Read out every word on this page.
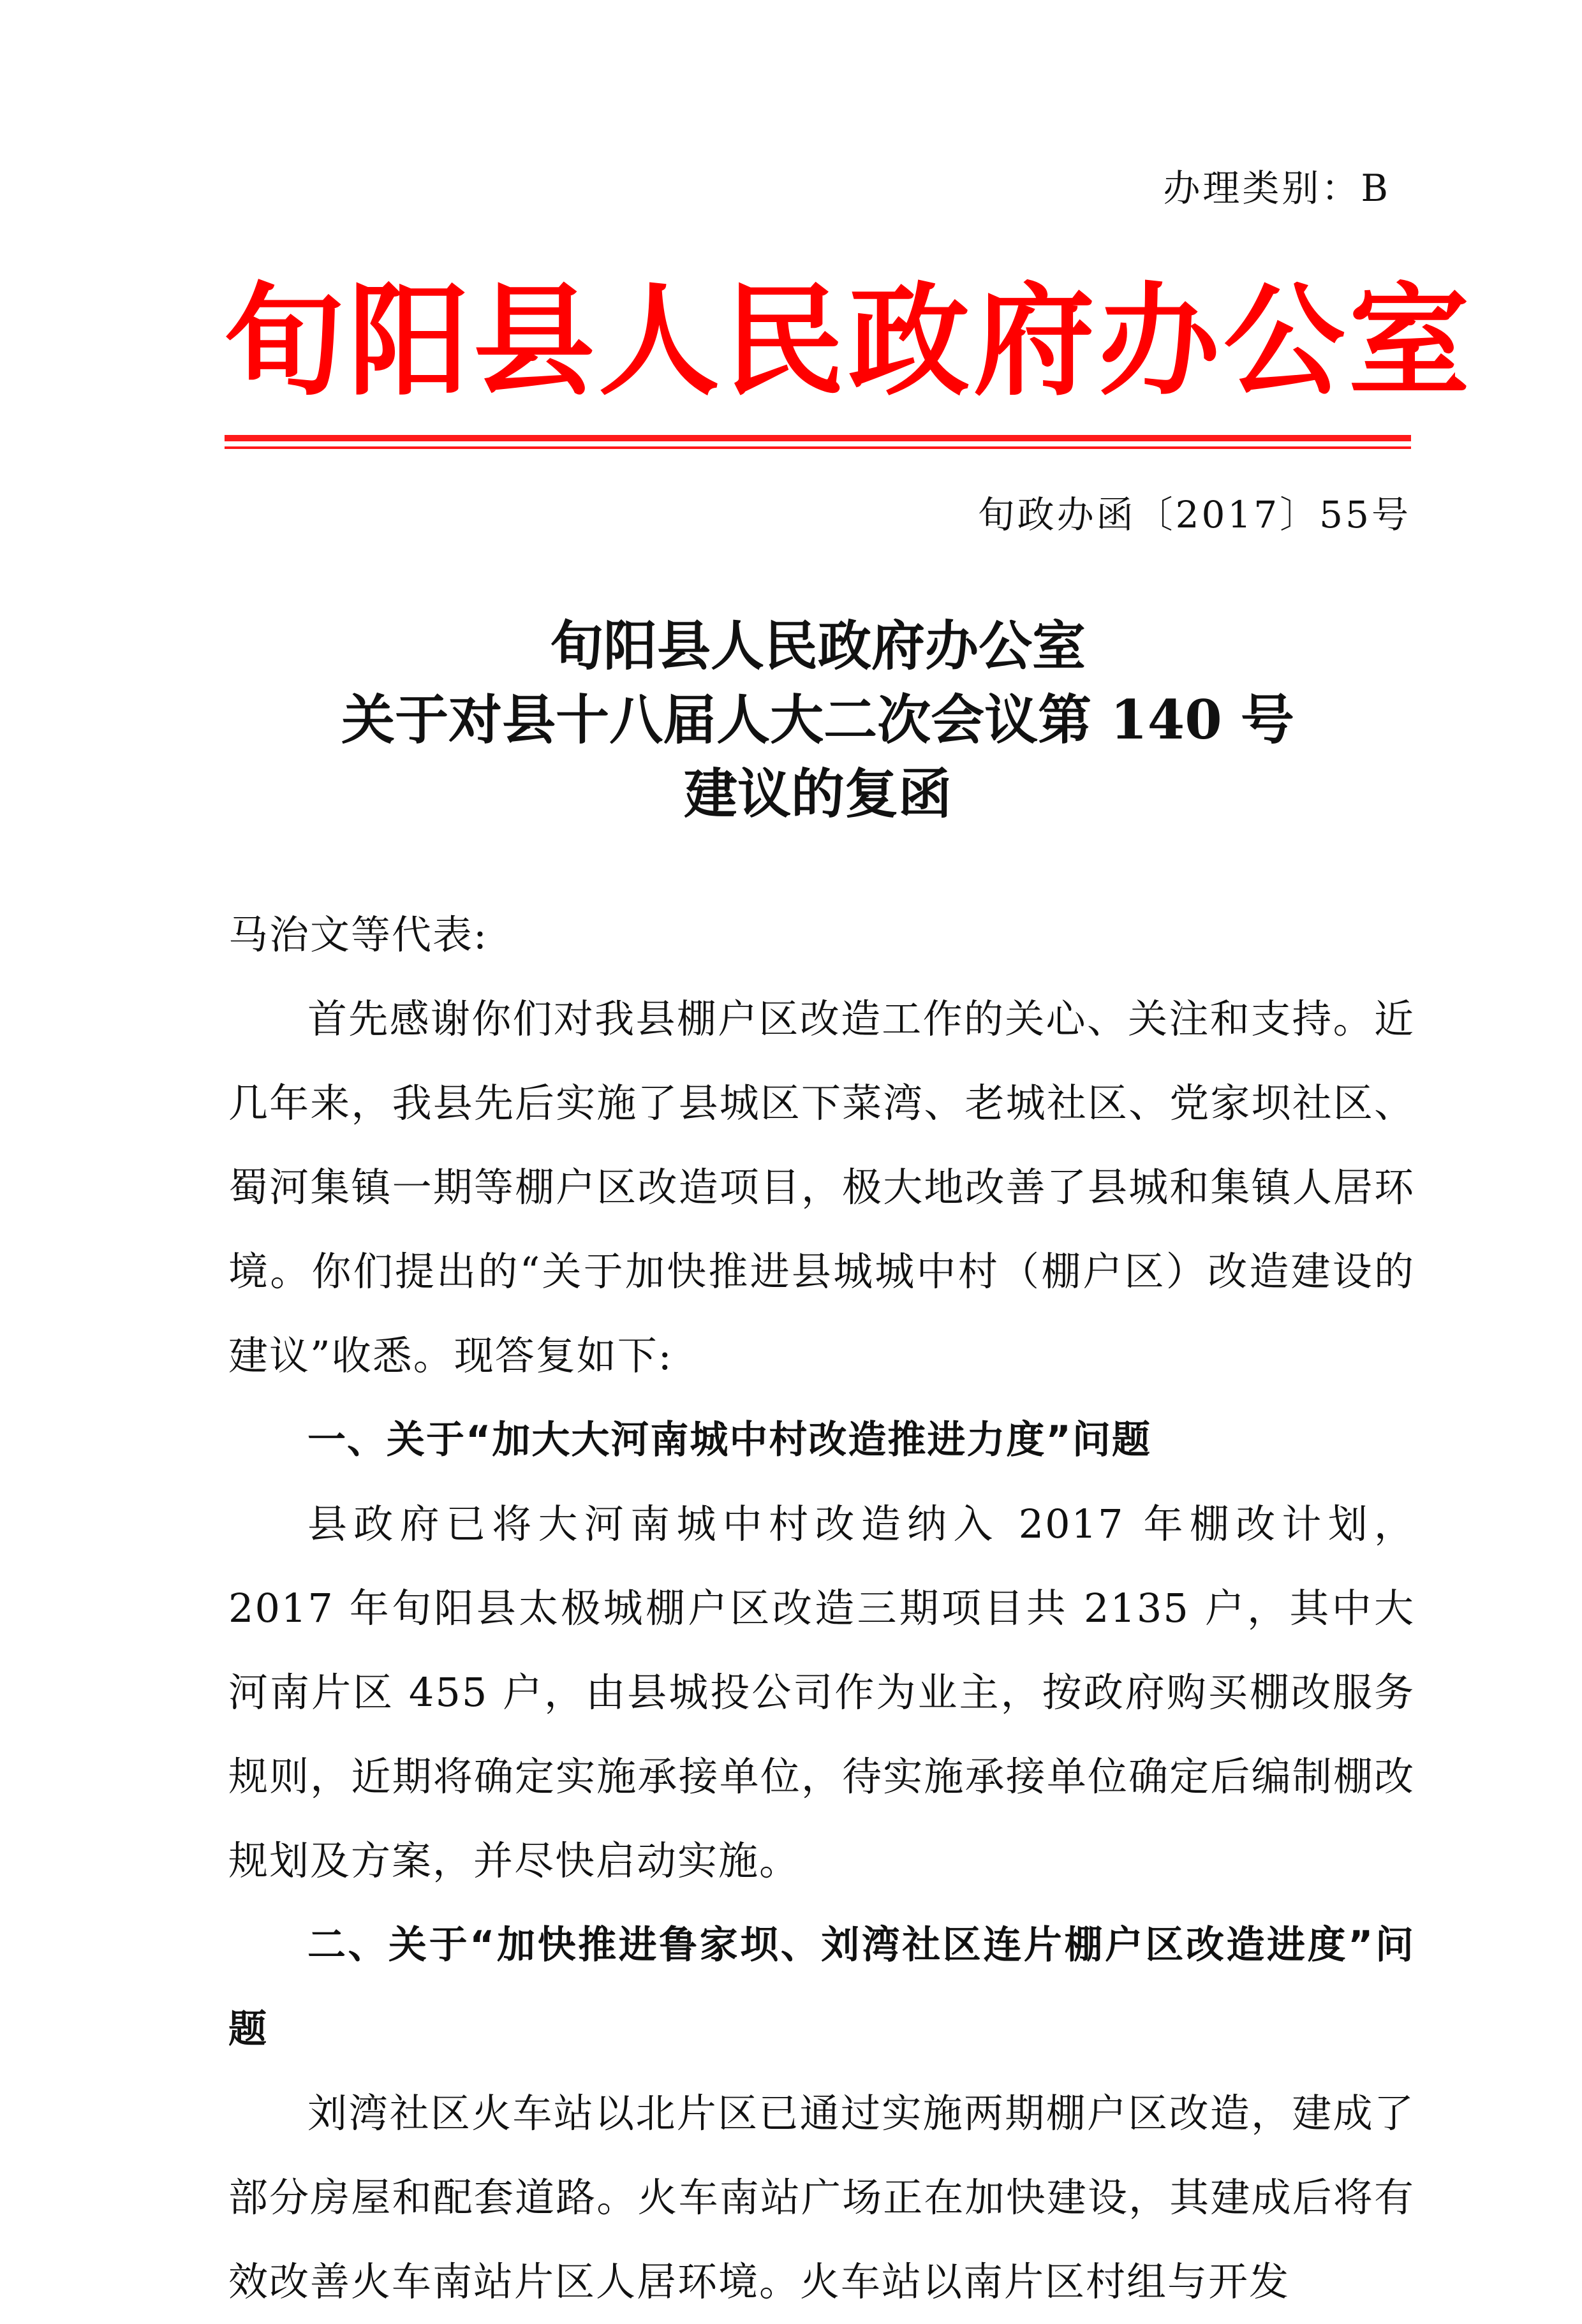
办理类别：B
旬阳县人民政府办公室
旬政办函〔2017〕55号
旬阳县人民政府办公室
关于对县十八届人大二次会议第 140 号
建议的复函

马治文等代表:

首先感谢你们对我县棚户区改造工作的关心、关注和支持。近几年来，我县先后实施了县城区下菜湾、老城社区、党家坝社区、蜀河集镇一期等棚户区改造项目，极大地改善了县城和集镇人居环境。你们提出的“关于加快推进县城城中村（棚户区）改造建设的建议”收悉。现答复如下:

一、关于“加大大河南城中村改造推进力度”问题

县政府已将大河南城中村改造纳入 2017 年棚改计划， 2017 年旬阳县太极城棚户区改造三期项目共 2135 户，其中大河南片区 455 户，由县城投公司作为业主，按政府购买棚改服务规则，近期将确定实施承接单位，待实施承接单位确定后编制棚改规划及方案，并尽快启动实施。

二、关于“加快推进鲁家坝、刘湾社区连片棚户区改造进度”问题

刘湾社区火车站以北片区已通过实施两期棚户区改造，建成了部分房屋和配套道路。火车南站广场正在加快建设，其建成后将有效改善火车南站片区人居环境。火车站以南片区村组与开发
